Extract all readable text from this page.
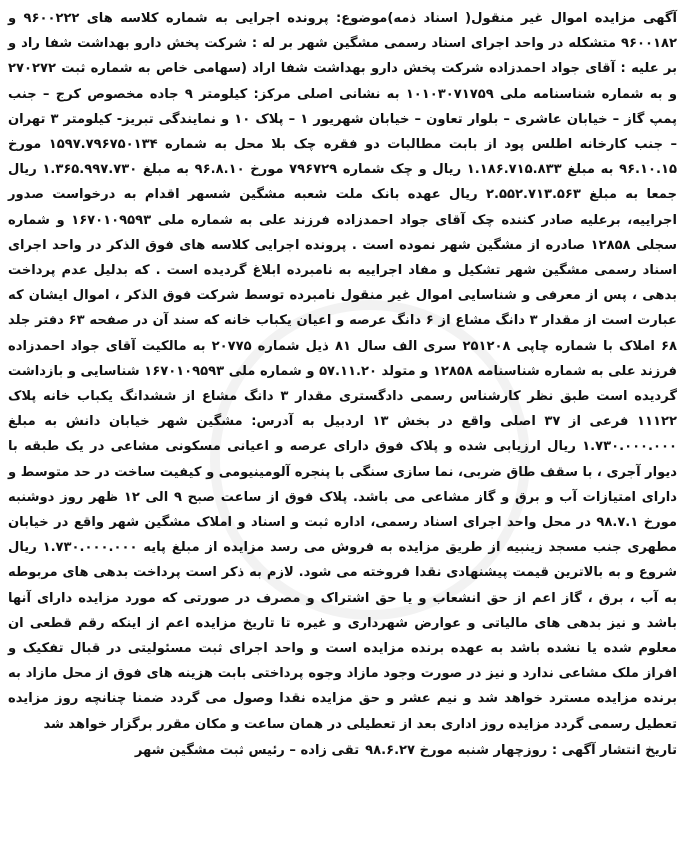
آگهی مزایده اموال غیر منقول( اسناد ذمه)موضوع: پرونده اجرایی به شماره کلاسه های ۹۶۰۰۲۲۲ و ۹۶۰۰۱۸۲ متشکله در واحد اجرای اسناد رسمی مشگین شهر بر له : شرکت پخش دارو بهداشت شفا راد و بر علیه : آقای جواد احمدزاده شرکت پخش دارو بهداشت شفا اراد (سهامی خاص به شماره ثبت ۲۷۰۲۷۲ و به شماره شناسنامه ملی ۱۰۱۰۳۰۷۱۷۵۹ به نشانی اصلی مرکز: کیلومتر ۹ جاده مخصوص کرج – جنب پمپ گاز – خیابان عاشری – بلوار تعاون – خیابان شهریور ۱ – پلاک ۱۰ و نمایندگی تبریز- کیلومتر ۳ تهران – جنب کارخانه اطلس پود از بابت مطالبات دو فقره چک بلا محل به شماره ۱۵۹۷.۷۹۶۷۵۰۱۳۴ مورخ ۹۶.۱۰.۱۵ به مبلغ ۱.۱۸۶.۷۱۵.۸۳۳ ریال و چک شماره ۷۹۶۷۲۹ مورخ ۹۶.۸.۱۰ به مبلغ ۱.۳۶۵.۹۹۷.۷۳۰ ریال جمعا به مبلغ ۲.۵۵۲.۷۱۳.۵۶۳ ریال عهده بانک ملت شعبه مشگین شسهر اقدام به درخواست صدور اجراییه، برعلیه صادر کننده چک آقای جواد احمدزاده فرزند علی به شماره ملی ۱۶۷۰۱۰۹۵۹۳ و شماره سجلی ۱۲۸۵۸ صادره از مشگین شهر نموده است . پرونده اجرایی کلاسه های فوق الذکر در واحد اجرای اسناد رسمی مشگین شهر تشکیل و مفاد اجراییه به نامبرده ابلاغ گردیده است . که بدلیل عدم پرداخت بدهی ، پس از معرفی و شناسایی اموال غیر منقول نامبرده توسط شرکت فوق الذکر ، اموال ایشان که عبارت است از مقدار ۳ دانگ مشاع از ۶ دانگ عرصه و اعیان یکباب خانه که سند آن در صفحه ۶۳ دفتر جلد ۶۸ املاک با شماره چاپی ۲۵۱۲۰۸ سری الف سال ۸۱ ذیل شماره ۲۰۷۷۵ به مالکیت آقای جواد احمدزاده فرزند علی به شماره شناسنامه ۱۲۸۵۸ و متولد ۵۷.۱۱.۲۰ و شماره ملی ۱۶۷۰۱۰۹۵۹۳ شناسایی و بازداشت گردیده است طبق نظر کارشناس رسمی دادگستری مقدار ۳ دانگ مشاع از ششدانگ یکباب خانه پلاک ۱۱۱۲۲ فرعی از ۳۷ اصلی واقع در بخش ۱۳ اردبیل به آدرس: مشگین شهر خیابان دانش به مبلغ ۱.۷۳۰.۰۰۰.۰۰۰ ریال ارزیابی شده و پلاک فوق دارای عرصه و اعیانی مسکونی مشاعی در یک طبقه با دیوار آجری ، با سقف طاق ضربی، نما سازی سنگی با پنجره آلومینیومی و کیفیت ساخت در حد متوسط و دارای امتیازات آب و برق و گاز مشاعی می باشد. پلاک فوق از ساعت صبح ۹ الی ۱۲ ظهر روز دوشنبه مورخ ۹۸.۷.۱ در محل واحد اجرای اسناد رسمی، اداره ثبت و اسناد و املاک مشگین شهر واقع در خیابان مطهری جنب مسجد زینبیه از طریق مزایده به فروش می رسد مزایده از مبلغ پایه ۱.۷۳۰.۰۰۰.۰۰۰ ریال شروع و به بالاترین قیمت پیشنهادی نقدا فروخته می شود. لازم به ذکر است پرداخت بدهی های مربوطه به آب ، برق ، گاز اعم از حق انشعاب و یا حق اشتراک و مصرف در صورتی که مورد مزایده دارای آنها باشد و نیز بدهی های مالیاتی و عوارض شهرداری و غیره تا تاریخ مزایده اعم از اینکه رقم قطعی ان معلوم شده یا نشده باشد به عهده برنده مزایده است و واحد اجرای ثبت مسئولیتی در قبال تفکیک و افراز ملک مشاعی ندارد و نیز در صورت وجود مازاد وجوه پرداختی بابت هزینه های فوق از محل مازاد به برنده مزایده مسترد خواهد شد و نیم عشر و حق مزایده نقدا وصول می گردد ضمنا چنانچه روز مزایده تعطیل رسمی گردد مزایده روز اداری بعد از تعطیلی در همان ساعت و مکان مقرر برگزار خواهد شد

تاریخ انتشار آگهی : روزچهار شنبه مورخ ۹۸.۶.۲۷
تقی زاده – رئیس ثبت مشگین شهر
